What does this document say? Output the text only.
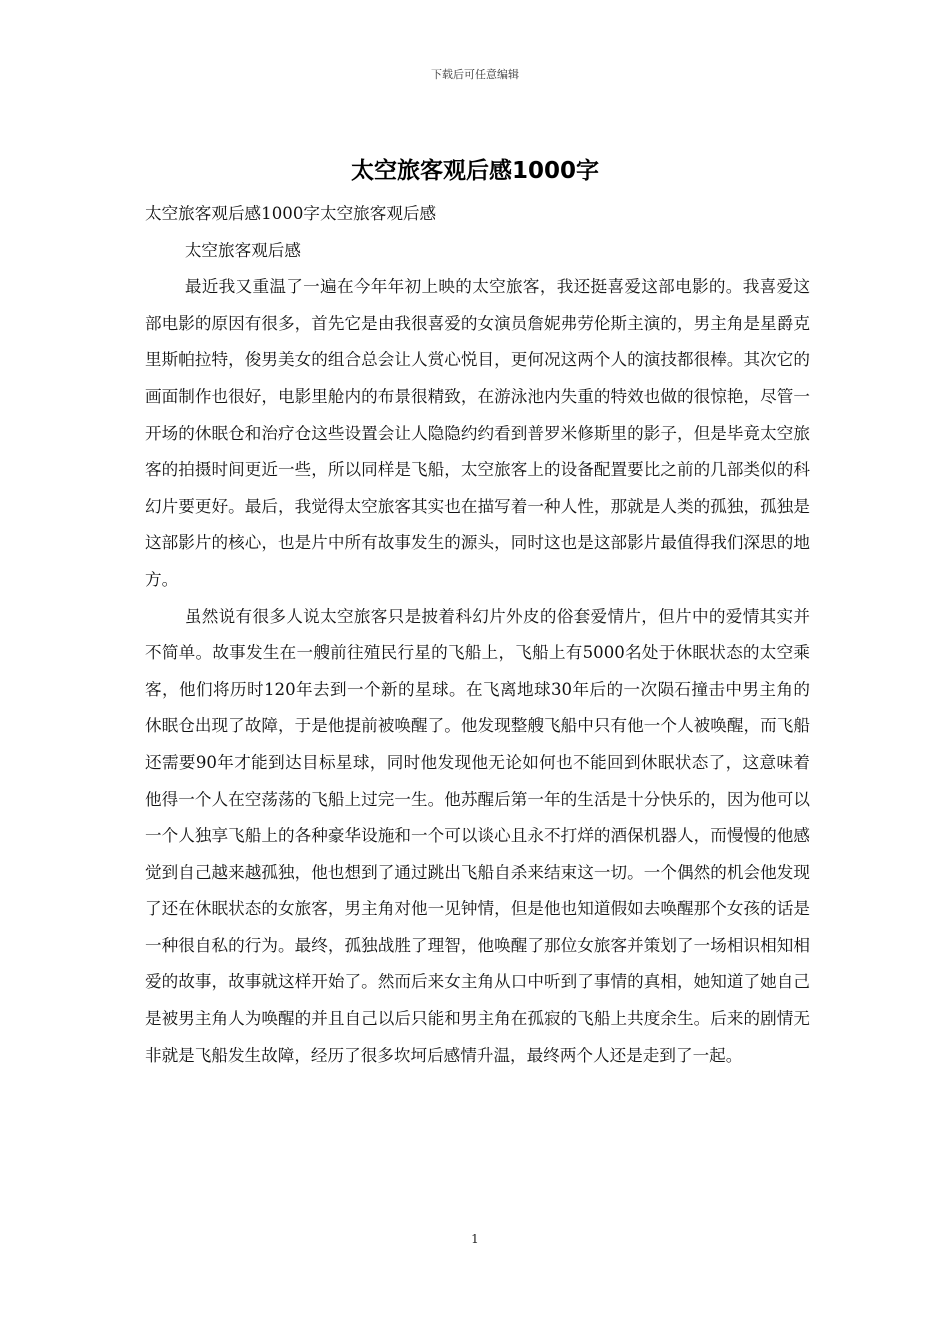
下载后可任意编辑
太空旅客观后感1000字

太空旅客观后感1000字太空旅客观后感

太空旅客观后感

最近我又重温了一遍在今年年初上映的太空旅客，我还挺喜爱这部电影的。我喜爱这部电影的原因有很多，首先它是由我很喜爱的女演员詹妮弗劳伦斯主演的，男主角是星爵克里斯帕拉特，俊男美女的组合总会让人赏心悦目，更何况这两个人的演技都很棒。其次它的画面制作也很好，电影里舱内的布景很精致，在游泳池内失重的特效也做的很惊艳，尽管一开场的休眠仓和治疗仓这些设置会让人隐隐约约看到普罗米修斯里的影子，但是毕竟太空旅客的拍摄时间更近一些，所以同样是飞船，太空旅客上的设备配置要比之前的几部类似的科幻片要更好。最后，我觉得太空旅客其实也在描写着一种人性，那就是人类的孤独，孤独是这部影片的核心，也是片中所有故事发生的源头，同时这也是这部影片最值得我们深思的地方。

虽然说有很多人说太空旅客只是披着科幻片外皮的俗套爱情片，但片中的爱情其实并不简单。故事发生在一艘前往殖民行星的飞船上，飞船上有5000名处于休眠状态的太空乘客，他们将历时120年去到一个新的星球。在飞离地球30年后的一次陨石撞击中男主角的休眠仓出现了故障，于是他提前被唤醒了。他发现整艘飞船中只有他一个人被唤醒，而飞船还需要90年才能到达目标星球，同时他发现他无论如何也不能回到休眠状态了，这意味着他得一个人在空荡荡的飞船上过完一生。他苏醒后第一年的生活是十分快乐的，因为他可以一个人独享飞船上的各种豪华设施和一个可以谈心且永不打烊的酒保机器人，而慢慢的他感觉到自己越来越孤独，他也想到了通过跳出飞船自杀来结束这一切。一个偶然的机会他发现了还在休眠状态的女旅客，男主角对他一见钟情，但是他也知道假如去唤醒那个女孩的话是一种很自私的行为。最终，孤独战胜了理智，他唤醒了那位女旅客并策划了一场相识相知相爱的故事，故事就这样开始了。然而后来女主角从口中听到了事情的真相，她知道了她自己是被男主角人为唤醒的并且自己以后只能和男主角在孤寂的飞船上共度余生。后来的剧情无非就是飞船发生故障，经历了很多坎坷后感情升温，最终两个人还是走到了一起。

1
